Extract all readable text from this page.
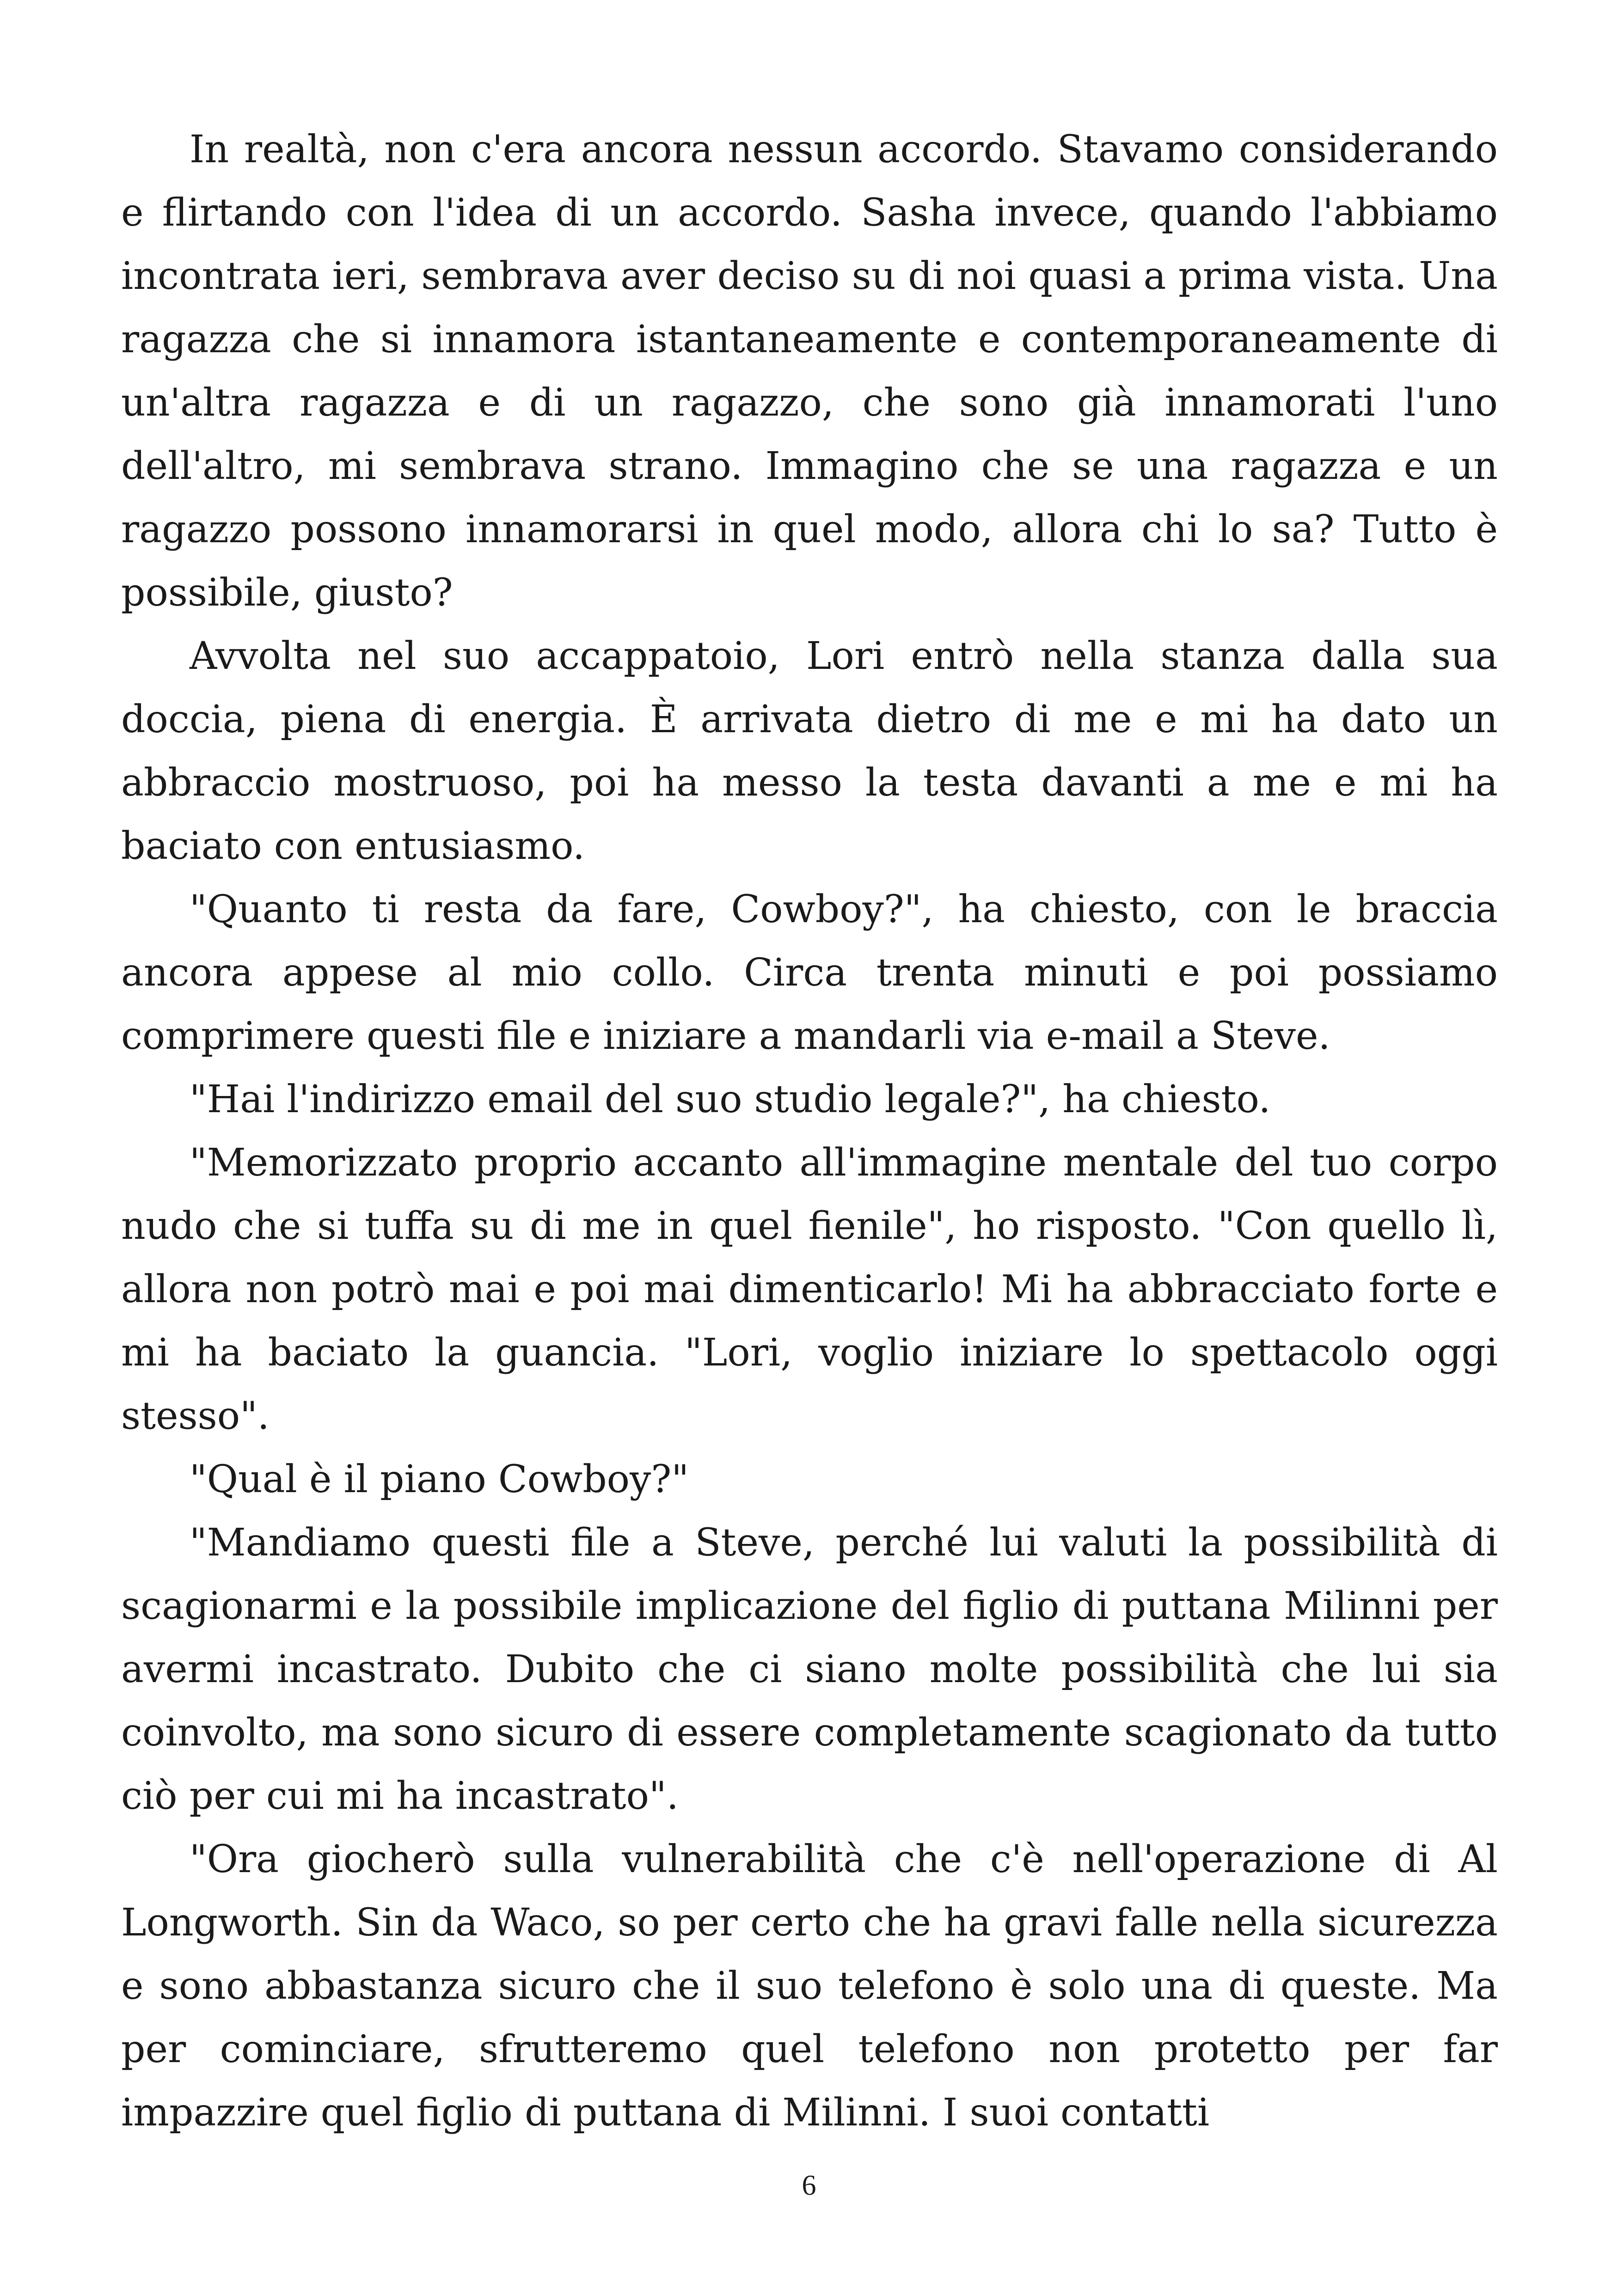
In realtà, non c'era ancora nessun accordo. Stavamo considerando e flirtando con l'idea di un accordo. Sasha invece, quando l'abbiamo incontrata ieri, sembrava aver deciso su di noi quasi a prima vista. Una ragazza che si innamora istantaneamente e contemporaneamente di un'altra ragazza e di un ragazzo, che sono già innamorati l'uno dell'altro, mi sembrava strano. Immagino che se una ragazza e un ragazzo possono innamorarsi in quel modo, allora chi lo sa? Tutto è possibile, giusto?

Avvolta nel suo accappatoio, Lori entrò nella stanza dalla sua doccia, piena di energia. È arrivata dietro di me e mi ha dato un abbraccio mostruoso, poi ha messo la testa davanti a me e mi ha baciato con entusiasmo.

"Quanto ti resta da fare, Cowboy?", ha chiesto, con le braccia ancora appese al mio collo. Circa trenta minuti e poi possiamo comprimere questi file e iniziare a mandarli via e-mail a Steve.

"Hai l'indirizzo email del suo studio legale?", ha chiesto.

"Memorizzato proprio accanto all'immagine mentale del tuo corpo nudo che si tuffa su di me in quel fienile", ho risposto. "Con quello lì, allora non potrò mai e poi mai dimenticarlo! Mi ha abbracciato forte e mi ha baciato la guancia. "Lori, voglio iniziare lo spettacolo oggi stesso".

"Qual è il piano Cowboy?"

"Mandiamo questi file a Steve, perché lui valuti la possibilità di scagionarmi e la possibile implicazione del figlio di puttana Milinni per avermi incastrato. Dubito che ci siano molte possibilità che lui sia coinvolto, ma sono sicuro di essere completamente scagionato da tutto ciò per cui mi ha incastrato".

"Ora giocherò sulla vulnerabilità che c'è nell'operazione di Al Longworth. Sin da Waco, so per certo che ha gravi falle nella sicurezza e sono abbastanza sicuro che il suo telefono è solo una di queste. Ma per cominciare, sfrutteremo quel telefono non protetto per far impazzire quel figlio di puttana di Milinni. I suoi contatti

6
